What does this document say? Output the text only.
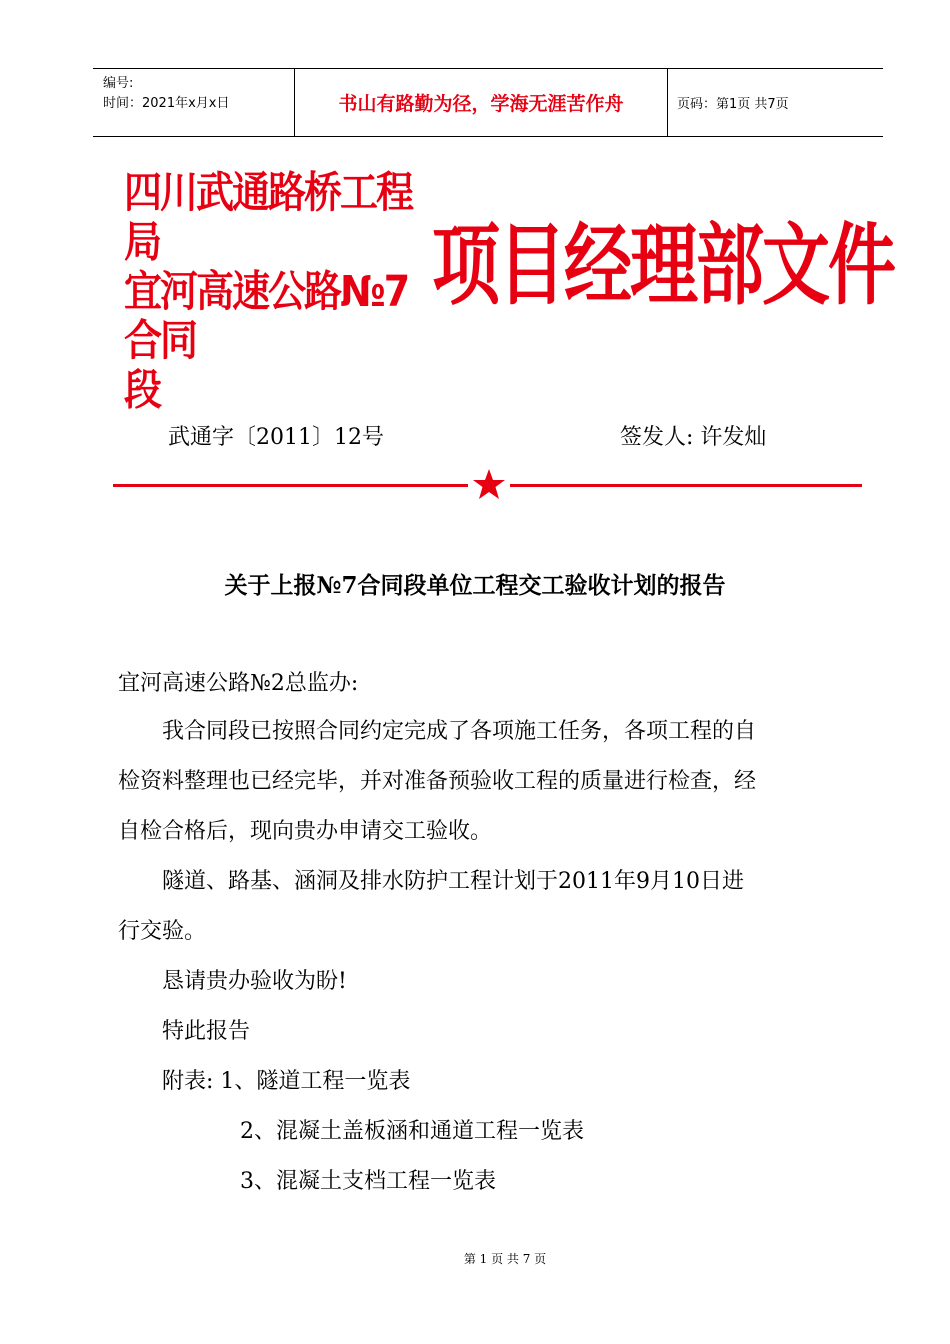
编号:
时间：2021年x月x日	书山有路勤为径，学海无涯苦作舟	页码：第1页 共7页
四川武通路桥工程局
宜河高速公路№7 合同
段
项目经理部文件
武通字〔2011〕12号	签发人: 许发灿
关于上报№7合同段单位工程交工验收计划的报告
宜河高速公路№2总监办:
我合同段已按照合同约定完成了各项施工任务，各项工程的自
检资料整理也已经完毕，并对准备预验收工程的质量进行检查，经
自检合格后，现向贵办申请交工验收。
隧道、路基、涵洞及排水防护工程计划于2011年9月10日进
行交验。
恳请贵办验收为盼!
特此报告
附表: 1、隧道工程一览表
2、混凝土盖板涵和通道工程一览表
3、混凝土支档工程一览表
第 1 页 共 7 页
